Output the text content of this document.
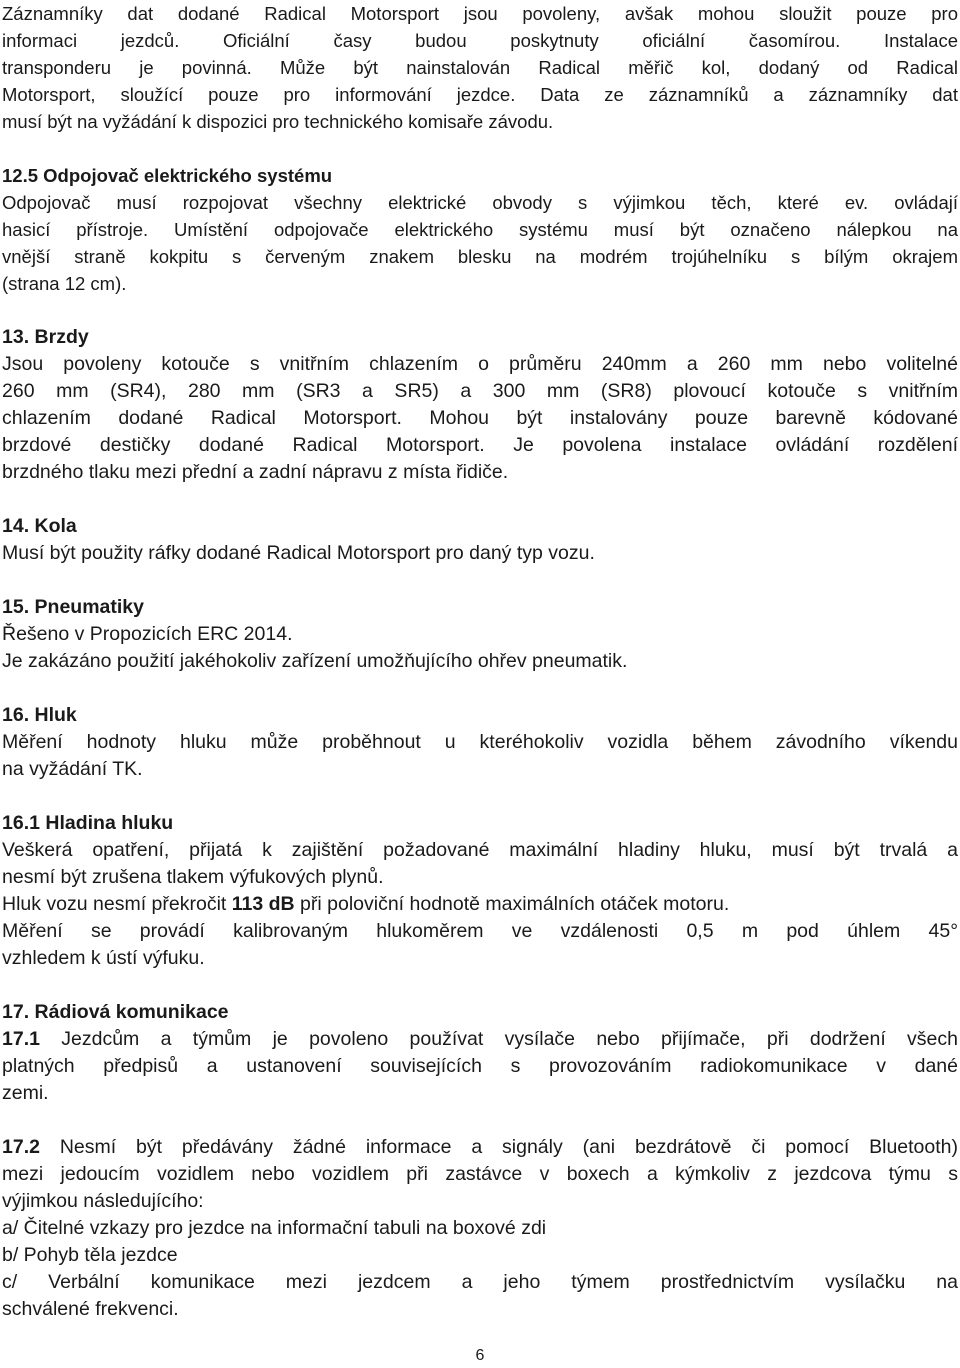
Záznamníky dat dodané Radical Motorsport jsou povoleny, avšak mohou sloužit pouze pro

informaci jezdců. Oficiální časy budou poskytnuty oficiální časomírou. Instalace

transponderu je povinná. Může být nainstalován Radical měřič kol, dodaný od Radical

Motorsport, sloužící pouze pro informování jezdce. Data ze záznamníků a záznamníky dat

musí být na vyžádání k dispozici pro technického komisaře závodu.

12.5 Odpojovač elektrického systému

Odpojovač musí rozpojovat všechny elektrické obvody s výjimkou těch, které ev. ovládají

hasicí přístroje. Umístění odpojovače elektrického systému musí být označeno nálepkou na

vnější straně kokpitu s červeným znakem blesku na modrém trojúhelníku s bílým okrajem

(strana 12 cm).

13. Brzdy

Jsou povoleny kotouče s vnitřním chlazením o průměru 240mm a 260 mm nebo volitelné

260 mm (SR4), 280 mm (SR3 a SR5) a 300 mm (SR8) plovoucí kotouče s vnitřním

chlazením dodané Radical Motorsport. Mohou být instalovány pouze barevně kódované

brzdové destičky dodané Radical Motorsport. Je povolena instalace ovládání rozdělení

brzdného tlaku mezi přední a zadní nápravu z místa řidiče.

14. Kola

Musí být použity ráfky dodané Radical Motorsport pro daný typ vozu.

15. Pneumatiky

Řešeno v Propozicích ERC 2014.

Je zakázáno použití jakéhokoliv zařízení umožňujícího ohřev pneumatik.

16. Hluk

Měření hodnoty hluku může proběhnout u kteréhokoliv vozidla během závodního víkendu

na vyžádání TK.

16.1 Hladina hluku

Veškerá opatření, přijatá k zajištění požadované maximální hladiny hluku, musí být trvalá a

nesmí být zrušena tlakem výfukových plynů.

Hluk vozu nesmí překročit 113 dB při poloviční hodnotě maximálních otáček motoru.

Měření se provádí kalibrovaným hlukoměrem ve vzdálenosti 0,5 m pod úhlem 45°

vzhledem k ústí výfuku.

17. Rádiová komunikace

17.1 Jezdcům a týmům je povoleno používat vysílače nebo přijímače, při dodržení všech

platných předpisů a ustanovení souvisejících s provozováním radiokomunikace v dané

zemi.

17.2 Nesmí být předávány žádné informace a signály (ani bezdrátově či pomocí Bluetooth)

mezi jedoucím vozidlem nebo vozidlem při zastávce v boxech a kýmkoliv z jezdcova týmu s

výjimkou následujícího:

a/ Čitelné vzkazy pro jezdce na informační tabuli na boxové zdi

b/ Pohyb těla jezdce

c/ Verbální komunikace mezi jezdcem a jeho týmem prostřednictvím vysílačku na

schválené frekvenci.

6
